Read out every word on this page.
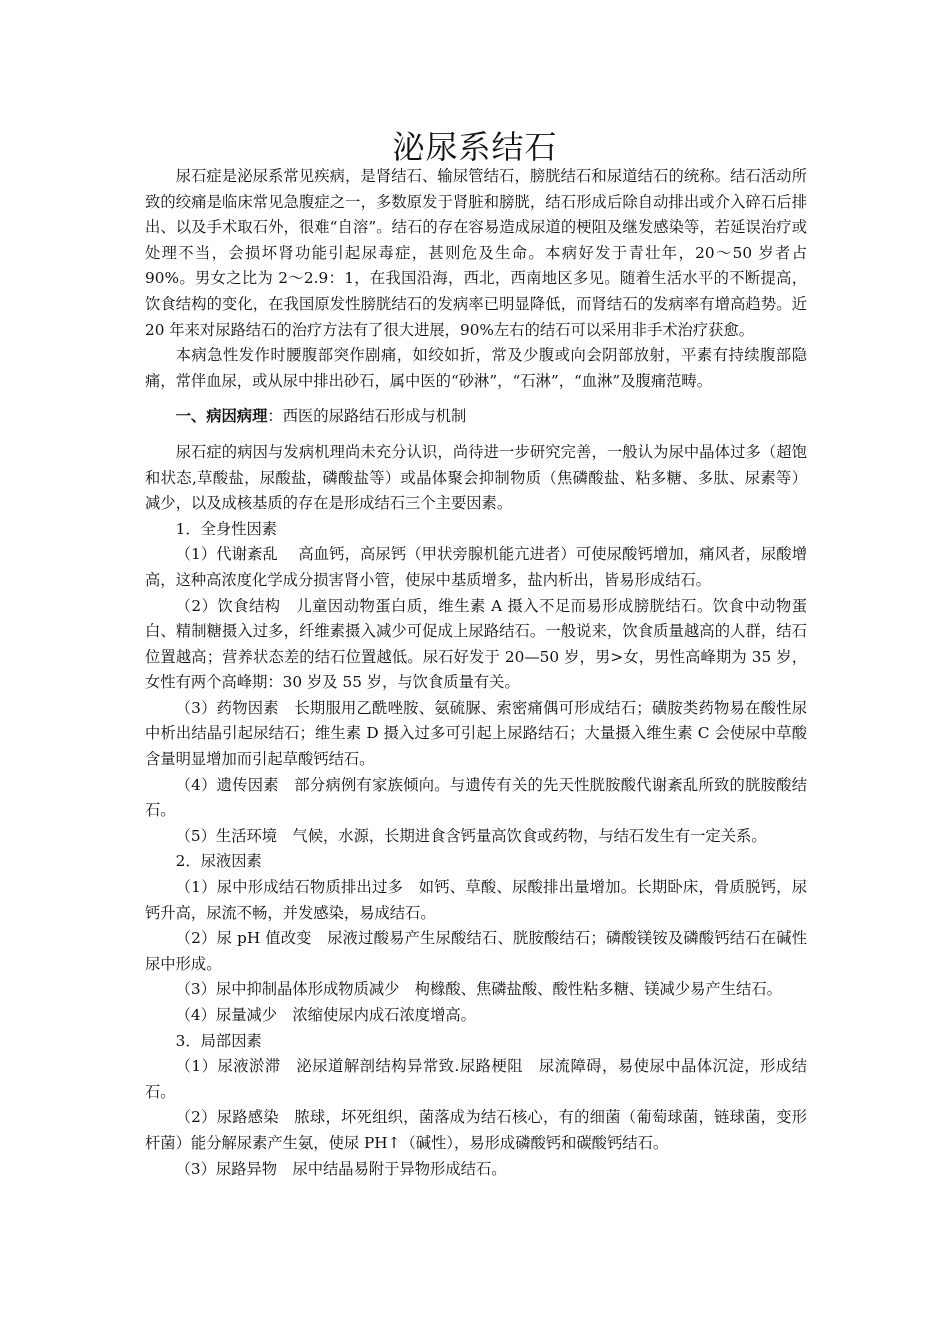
泌尿系结石

尿石症是泌尿系常见疾病，是肾结石、输尿管结石，膀胱结石和尿道结石的统称。结石活动所致的绞痛是临床常见急腹症之一，多数原发于肾脏和膀胱，结石形成后除自动排出或介入碎石后排出、以及手术取石外，很难“自溶”。结石的存在容易造成尿道的梗阻及继发感染等，若延误治疗或处理不当，会损坏肾功能引起尿毒症，甚则危及生命。本病好发于青壮年，20～50 岁者占 90%。男女之比为 2～2.9：1，在我国沿海，西北，西南地区多见。随着生活水平的不断提高，饮食结构的变化，在我国原发性膀胱结石的发病率已明显降低，而肾结石的发病率有增高趋势。近 20 年来对尿路结石的治疗方法有了很大进展，90%左右的结石可以采用非手术治疗获愈。

本病急性发作时腰腹部突作剧痛，如绞如折，常及少腹或向会阴部放射，平素有持续腹部隐痛，常伴血尿，或从尿中排出砂石，属中医的“砂淋”，“石淋”，“血淋”及腹痛范畴。

一、病因病理：西医的尿路结石形成与机制

尿石症的病因与发病机理尚未充分认识，尚待进一步研究完善，一般认为尿中晶体过多（超饱和状态,草酸盐，尿酸盐，磷酸盐等）或晶体聚会抑制物质（焦磷酸盐、粘多糖、多肽、尿素等）减少，以及成核基质的存在是形成结石三个主要因素。

1．全身性因素

（1）代谢紊乱　 高血钙，高尿钙（甲状旁腺机能亢进者）可使尿酸钙增加，痛风者，尿酸增高，这种高浓度化学成分损害肾小管，使尿中基质增多，盐内析出，皆易形成结石。

（2）饮食结构　儿童因动物蛋白质，维生素 A 摄入不足而易形成膀胱结石。饮食中动物蛋白、精制糖摄入过多，纤维素摄入减少可促成上尿路结石。一般说来，饮食质量越高的人群，结石位置越高；营养状态差的结石位置越低。尿石好发于 20—50 岁，男>女，男性高峰期为 35 岁，女性有两个高峰期：30 岁及 55 岁，与饮食质量有关。

（3）药物因素　长期服用乙酰唑胺、氨硫脲、索密痛偶可形成结石；磺胺类药物易在酸性尿中析出结晶引起尿结石；维生素 D 摄入过多可引起上尿路结石；大量摄入维生素 C 会使尿中草酸含量明显增加而引起草酸钙结石。

（4）遗传因素　部分病例有家族倾向。与遗传有关的先天性胱胺酸代谢紊乱所致的胱胺酸结石。

（5）生活环境　气候，水源，长期进食含钙量高饮食或药物，与结石发生有一定关系。

2．尿液因素

（1）尿中形成结石物质排出过多　如钙、草酸、尿酸排出量增加。长期卧床，骨质脱钙，尿钙升高，尿流不畅，并发感染，易成结石。

（2）尿 pH 值改变　尿液过酸易产生尿酸结石、胱胺酸结石；磷酸镁铵及磷酸钙结石在碱性尿中形成。

（3）尿中抑制晶体形成物质减少　枸橼酸、焦磷盐酸、酸性粘多糖、镁减少易产生结石。

（4）尿量减少　浓缩使尿内成石浓度增高。

3．局部因素

（1）尿液淤滞　泌尿道解剖结构异常致.尿路梗阻　尿流障碍，易使尿中晶体沉淀，形成结石。

（2）尿路感染　脓球，坏死组织，菌落成为结石核心，有的细菌（葡萄球菌，链球菌，变形杆菌）能分解尿素产生氨，使尿 PH↑（碱性），易形成磷酸钙和碳酸钙结石。

（3）尿路异物　尿中结晶易附于异物形成结石。
